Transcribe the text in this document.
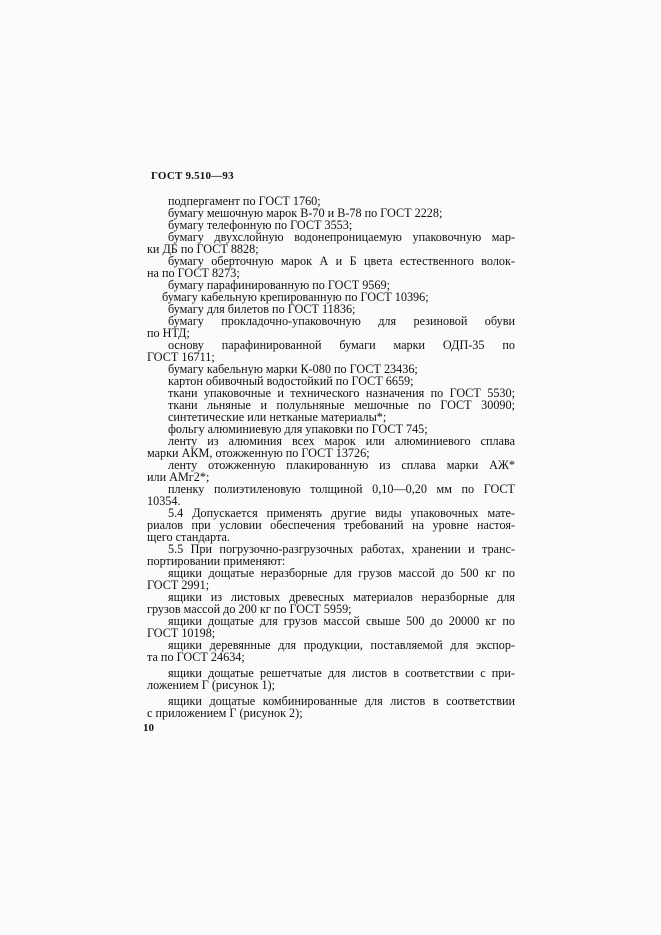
ГОСТ 9.510—93
подпергамент по ГОСТ 1760;
бумагу мешочную марок В-70 и В-78 по ГОСТ 2228;
бумагу телефонную по ГОСТ 3553;
бумагу двухслойную водонепроницаемую упаковочную мар-
ки ДБ по ГОСТ 8828;
бумагу оберточную марок А и Б цвета естественного волок-
на по ГОСТ 8273;
бумагу парафинированную по ГОСТ 9569;
бумагу кабельную крепированную по ГОСТ 10396;
бумагу для билетов по ГОСТ 11836;
бумагу прокладочно-упаковочную для резиновой обуви
по НТД;
основу парафинированной бумаги марки ОДП-35 по
ГОСТ 16711;
бумагу кабельную марки К-080 по ГОСТ 23436;
картон обивочный водостойкий по ГОСТ 6659;
ткани упаковочные и технического назначения по ГОСТ 5530;
ткани льняные и полульняные мешочные по ГОСТ 30090;
синтетические или нетканые материалы*;
фольгу алюминиевую для упаковки по ГОСТ 745;
ленту из алюминия всех марок или алюминиевого сплава
марки АКМ, отожженную по ГОСТ 13726;
ленту отожженную плакированную из сплава марки АЖ*
или АМг2*;
пленку полиэтиленовую толщиной 0,10—0,20 мм по ГОСТ
10354.
5.4 Допускается применять другие виды упаковочных мате-
риалов при условии обеспечения требований на уровне настоя-
щего стандарта.
5.5 При погрузочно-разгрузочных работах, хранении и транс-
портировании применяют:
ящики дощатые неразборные для грузов массой до 500 кг по
ГОСТ 2991;
ящики из листовых древесных материалов неразборные для
грузов массой до 200 кг по ГОСТ 5959;
ящики дощатые для грузов массой свыше 500 до 20000 кг по
ГОСТ 10198;
ящики деревянные для продукции, поставляемой для экспор-
та по ГОСТ 24634;
ящики дощатые решетчатые для листов в соответствии с при-
ложением Г (рисунок 1);
ящики дощатые комбинированные для листов в соответствии
с приложением Г (рисунок 2);
10
